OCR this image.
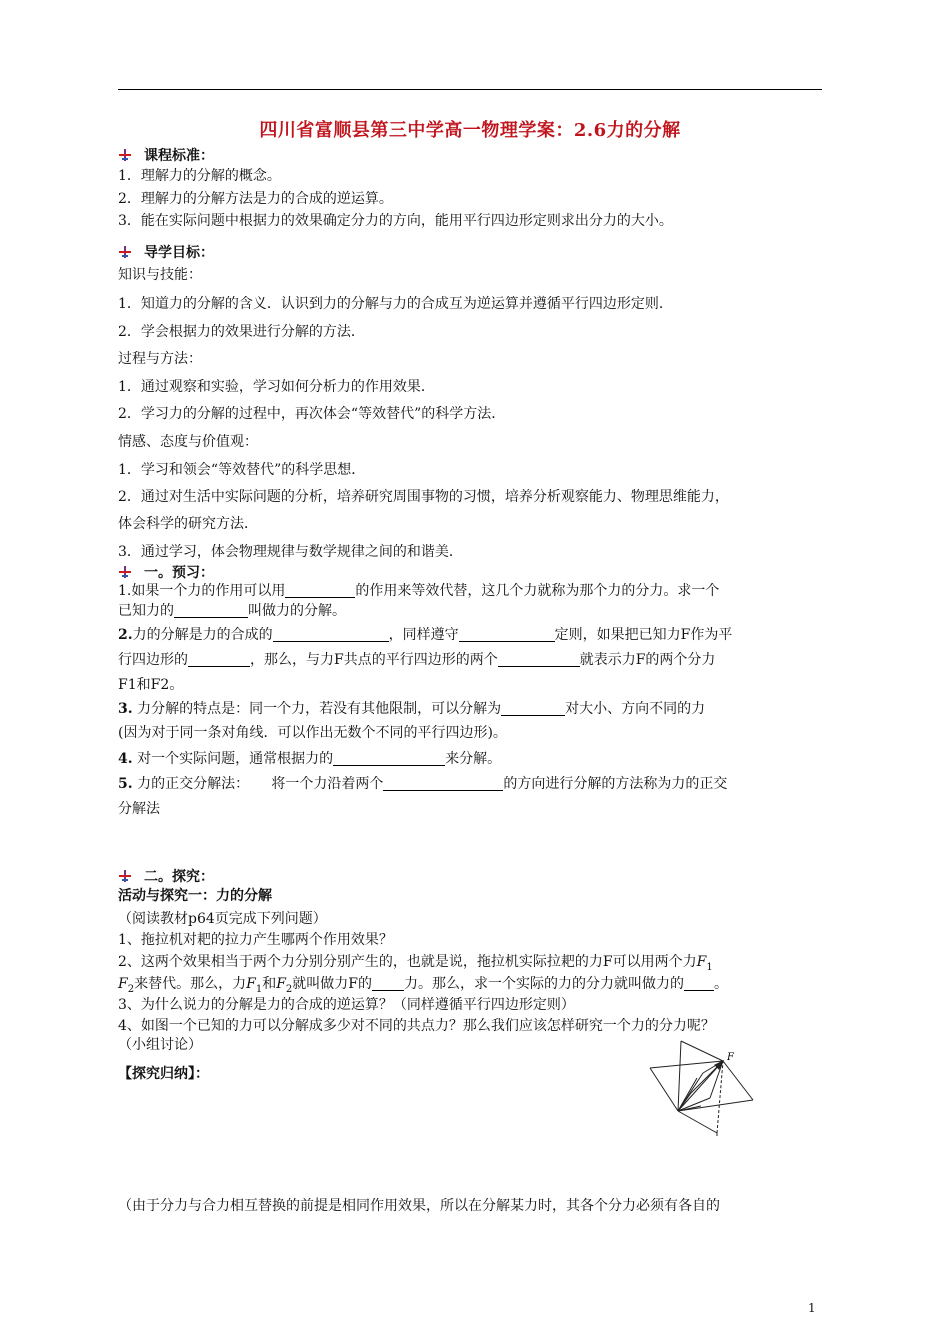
四川省富顺县第三中学高一物理学案：2.6力的分解
课程标准：
1．理解力的分解的概念。
2．理解力的分解方法是力的合成的逆运算。
3．能在实际问题中根据力的效果确定分力的方向，能用平行四边形定则求出分力的大小。
导学目标：
知识与技能：
1．知道力的分解的含义．认识到力的分解与力的合成互为逆运算并遵循平行四边形定则．
2．学会根据力的效果进行分解的方法．
过程与方法：
1．通过观察和实验，学习如何分析力的作用效果．
2．学习力的分解的过程中，再次体会“等效替代”的科学方法．
情感、态度与价值观：
1．学习和领会“等效替代”的科学思想．
2．通过对生活中实际问题的分析，培养研究周围事物的习惯，培养分析观察能力、物理思维能力，
体会科学的研究方法．
3．通过学习，体会物理规律与数学规律之间的和谐美．
一。预习：
1.如果一个力的作用可以用	的作用来等效代替，这几个力就称为那个力的分力。求一个
已知力的	叫做力的分解。
2.力的分解是力的合成的	，同样遵守	定则，如果把已知力F作为平
行四边形的	，那么，与力F共点的平行四边形的两个	就表示力F的两个分力
F1和F2。
3. 力分解的特点是：同一个力，若没有其他限制，可以分解为	对大小、方向不同的力
(因为对于同一条对角线．可以作出无数个不同的平行四边形)。
4. 对一个实际问题，通常根据力的	来分解。
5. 力的正交分解法：     将一个力沿着两个	的方向进行分解的方法称为力的正交
分解法
二。探究：
活动与探究一：力的分解
（阅读教材p64页完成下列问题）
1、拖拉机对耙的拉力产生哪两个作用效果？
2、这两个效果相当于两个力分别分别产生的，也就是说，拖拉机实际拉耙的力F可以用两个力$F_1$
$F_2$来替代。那么，力$F_1$和$F_2$就叫做力F的 力。那么，求一个实际的力的分力就叫做力的 。
3、为什么说力的分解是力的合成的逆运算？（同样遵循平行四边形定则）
4、如图一个已知的力可以分解成多少对不同的共点力？那么我们应该怎样研究一个力的分力呢？
（小组讨论）
【探究归纳】：
F
（由于分力与合力相互替换的前提是相同作用效果，所以在分解某力时，其各个分力必须有各自的
1
